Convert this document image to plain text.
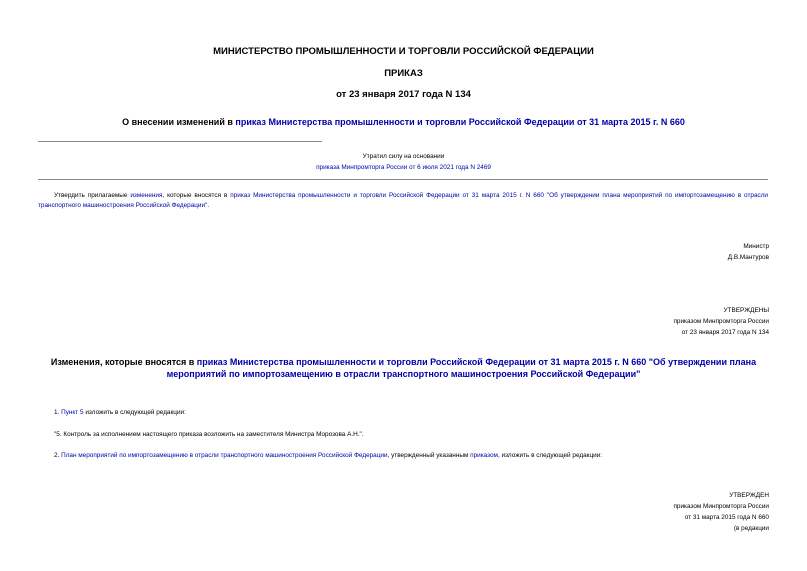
МИНИСТЕРСТВО ПРОМЫШЛЕННОСТИ И ТОРГОВЛИ РОССИЙСКОЙ ФЕДЕРАЦИИ
ПРИКАЗ
от 23 января 2017 года N 134
О внесении изменений в приказ Министерства промышленности и торговли Российской Федерации от 31 марта 2015 г. N 660
Утратил силу на основании
приказа Минпромторга России от 6 июля 2021 года N 2469
Утвердить прилагаемые изменения, которые вносятся в приказ Министерства промышленности и торговли Российской Федерации от 31 марта 2015 г. N 660 "Об утверждении плана мероприятий по импортозамещению в отрасли транспортного машиностроения Российской Федерации".
Министр
Д.В.Мантуров
УТВЕРЖДЕНЫ
приказом Минпромторга России
от 23 января 2017 года N 134
Изменения, которые вносятся в приказ Министерства промышленности и торговли Российской Федерации от 31 марта 2015 г. N 660 "Об утверждении плана мероприятий по импортозамещению в отрасли транспортного машиностроения Российской Федерации"
1. Пункт 5 изложить в следующей редакции:
"5. Контроль за исполнением настоящего приказа возложить на заместителя Министра Морозова А.Н.".
2. План мероприятий по импортозамещению в отрасли транспортного машиностроения Российской Федерации, утвержденный указанным приказом, изложить в следующей редакции:
УТВЕРЖДЕН
приказом Минпромторга России
от 31 марта 2015 года N 660
(в редакции
